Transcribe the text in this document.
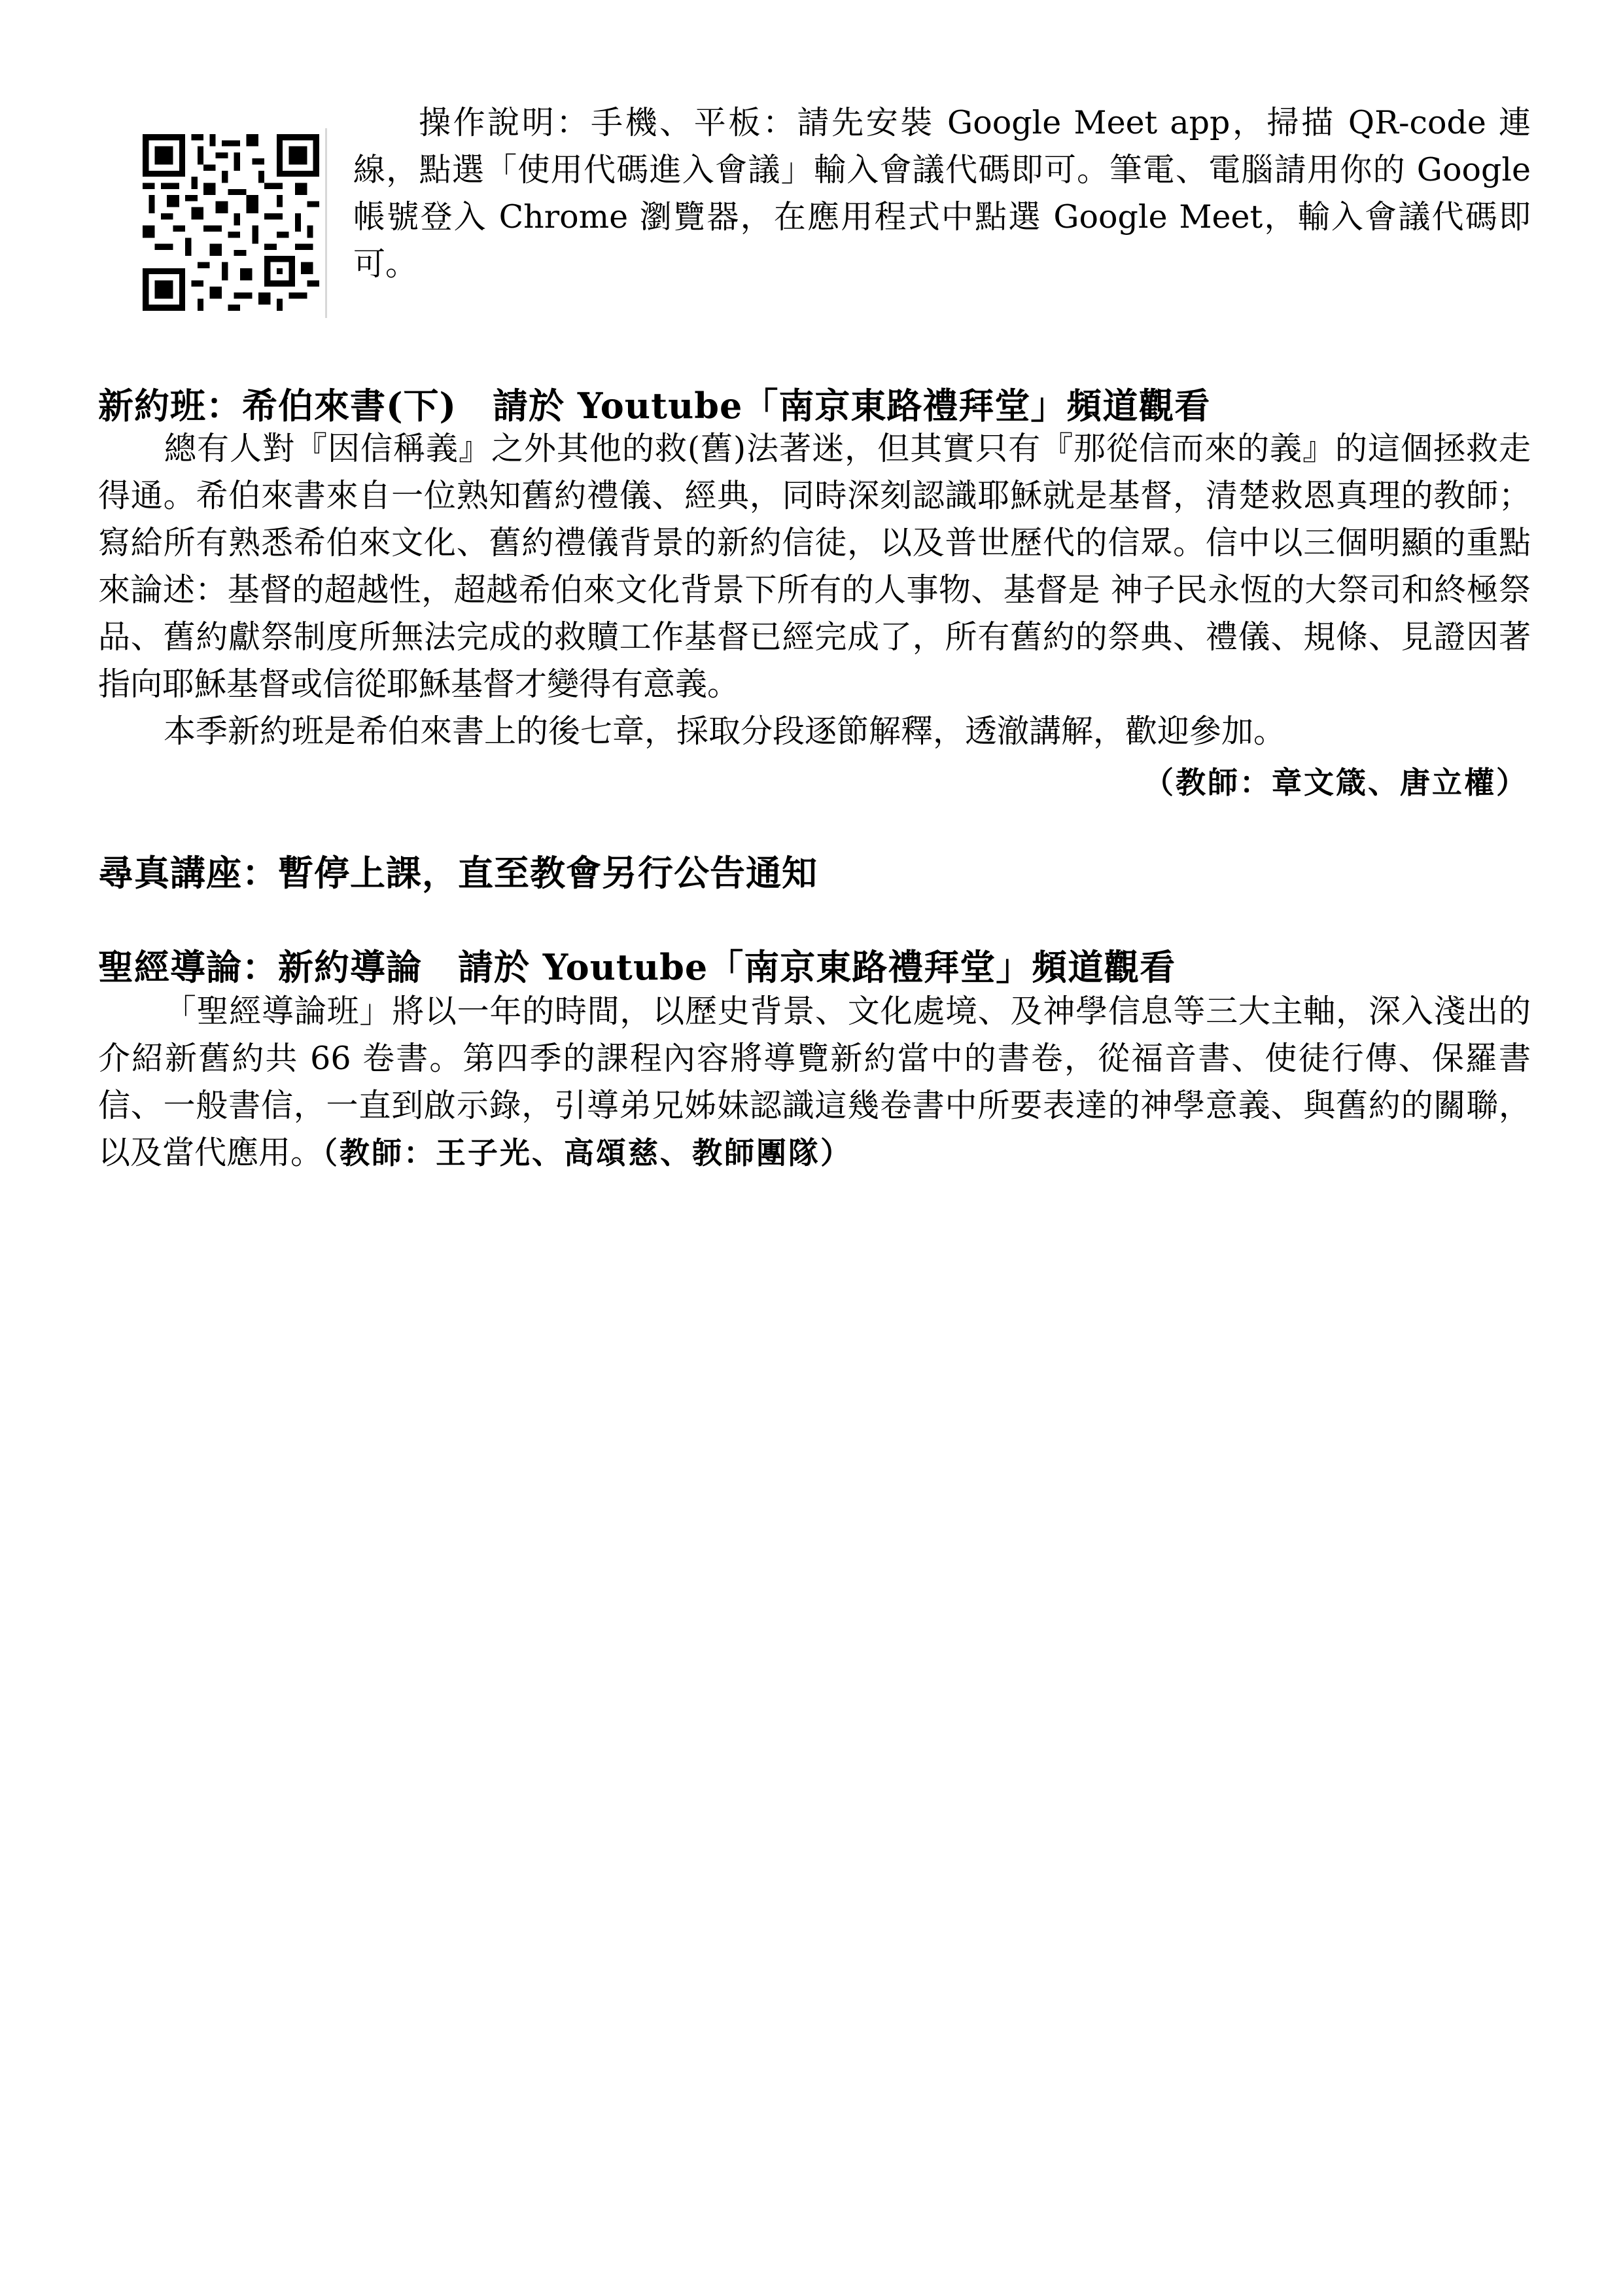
操作說明：手機、平板：請先安裝 Google Meet app，掃描 QR-code 連線，點選「使用代碼進入會議」輸入會議代碼即可。筆電、電腦請用你的 Google 帳號登入 Chrome 瀏覽器，在應用程式中點選 Google Meet，輸入會議代碼即可。

新約班：希伯來書(下)　請於 Youtube「南京東路禮拜堂」頻道觀看

總有人對『因信稱義』之外其他的救(舊)法著迷，但其實只有『那從信而來的義』的這個拯救走得通。希伯來書來自一位熟知舊約禮儀、經典，同時深刻認識耶穌就是基督，清楚救恩真理的教師；寫給所有熟悉希伯來文化、舊約禮儀背景的新約信徒，以及普世歷代的信眾。信中以三個明顯的重點來論述：基督的超越性，超越希伯來文化背景下所有的人事物、基督是 神子民永恆的大祭司和終極祭品、舊約獻祭制度所無法完成的救贖工作基督已經完成了，所有舊約的祭典、禮儀、規條、見證因著指向耶穌基督或信從耶穌基督才變得有意義。

本季新約班是希伯來書上的後七章，採取分段逐節解釋，透澈講解，歡迎參加。

（教師：章文箴、唐立權）

尋真講座：暫停上課，直至教會另行公告通知
聖經導論：新約導論　請於 Youtube「南京東路禮拜堂」頻道觀看

「聖經導論班」將以一年的時間，以歷史背景、文化處境、及神學信息等三大主軸，深入淺出的介紹新舊約共 66 卷書。第四季的課程內容將導覽新約當中的書卷，從福音書、使徒行傳、保羅書信、一般書信，一直到啟示錄，引導弟兄姊妹認識這幾卷書中所要表達的神學意義、與舊約的關聯，以及當代應用。（教師：王子光、高頌慈、教師團隊）
